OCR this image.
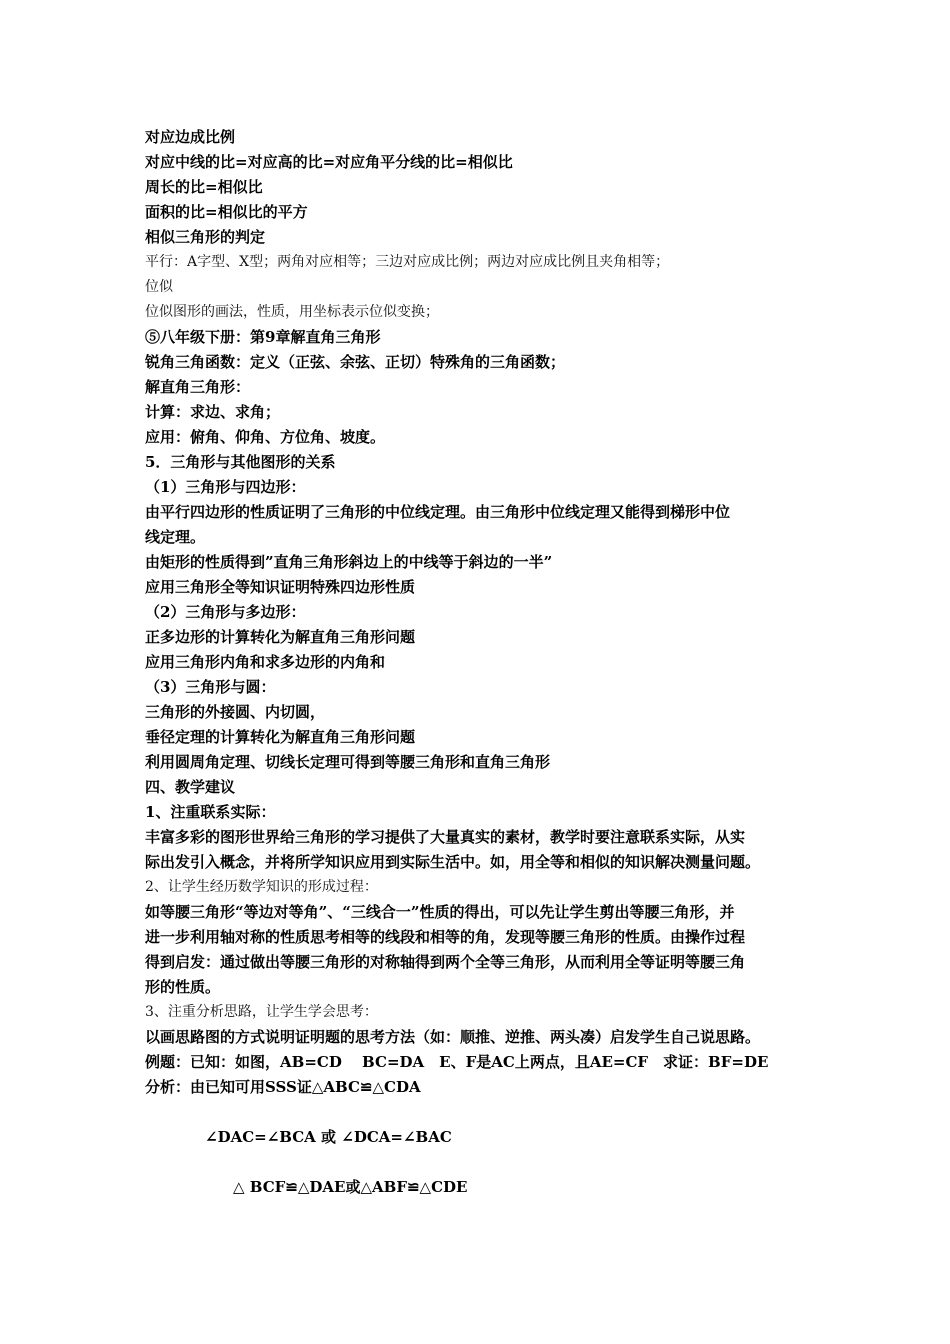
对应边成比例
对应中线的比=对应高的比=对应角平分线的比=相似比
周长的比=相似比
面积的比=相似比的平方
相似三角形的判定
平行：A字型、X型；两角对应相等；三边对应成比例；两边对应成比例且夹角相等；
位似
位似图形的画法，性质，用坐标表示位似变换；
⑤八年级下册：第9章解直角三角形
锐角三角函数：定义（正弦、余弦、正切）特殊角的三角函数；
解直角三角形：
计算：求边、求角；
应用：俯角、仰角、方位角、坡度。
5．三角形与其他图形的关系
（1）三角形与四边形：
由平行四边形的性质证明了三角形的中位线定理。由三角形中位线定理又能得到梯形中位
线定理。
由矩形的性质得到”直角三角形斜边上的中线等于斜边的一半”
应用三角形全等知识证明特殊四边形性质
（2）三角形与多边形：
正多边形的计算转化为解直角三角形问题
应用三角形内角和求多边形的内角和
（3）三角形与圆：
三角形的外接圆、内切圆，
垂径定理的计算转化为解直角三角形问题
利用圆周角定理、切线长定理可得到等腰三角形和直角三角形
四、教学建议
1、注重联系实际：
丰富多彩的图形世界给三角形的学习提供了大量真实的素材，教学时要注意联系实际，从实
际出发引入概念，并将所学知识应用到实际生活中。如，用全等和相似的知识解决测量问题。
2、让学生经历数学知识的形成过程：
如等腰三角形“等边对等角”、“三线合一”性质的得出，可以先让学生剪出等腰三角形，并
进一步利用轴对称的性质思考相等的线段和相等的角，发现等腰三角形的性质。由操作过程
得到启发：通过做出等腰三角形的对称轴得到两个全等三角形，从而利用全等证明等腰三角
形的性质。
3、注重分析思路，让学生学会思考：
以画思路图的方式说明证明题的思考方法（如：顺推、逆推、两头凑）启发学生自己说思路。
例题：已知：如图，AB=CD　 BC=DA　E、F是AC上两点，且AE=CF　求证：BF=DE
分析：由已知可用SSS证△ABC≌△CDA
∠DAC=∠BCA 或 ∠DCA=∠BAC
△ BCF≌△DAE或△ABF≌△CDE
